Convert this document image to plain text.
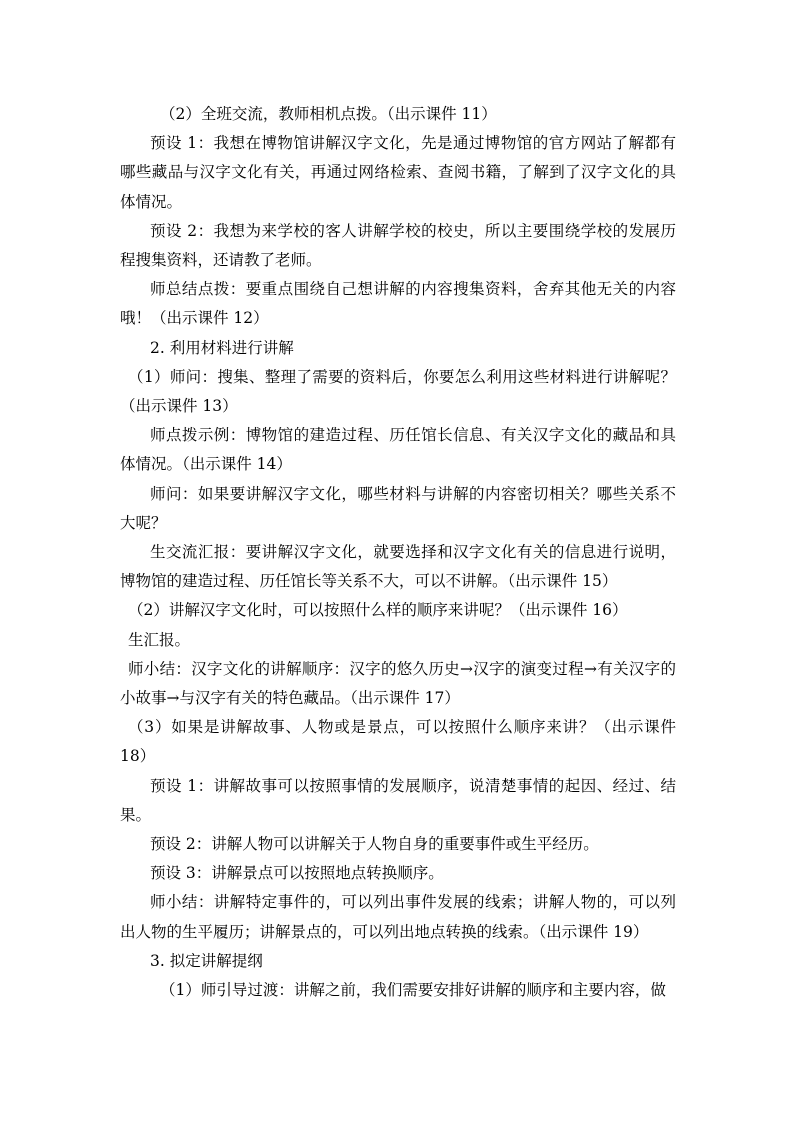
（2）全班交流，教师相机点拨。（出示课件 11）

预设 1：我想在博物馆讲解汉字文化，先是通过博物馆的官方网站了解都有哪些藏品与汉字文化有关，再通过网络检索、查阅书籍，了解到了汉字文化的具体情况。

预设 2：我想为来学校的客人讲解学校的校史，所以主要围绕学校的发展历程搜集资料，还请教了老师。

师总结点拨：要重点围绕自己想讲解的内容搜集资料，舍弃其他无关的内容哦！（出示课件 12）

2. 利用材料进行讲解

（1）师问：搜集、整理了需要的资料后，你要怎么利用这些材料进行讲解呢？（出示课件 13）

师点拨示例：博物馆的建造过程、历任馆长信息、有关汉字文化的藏品和具体情况。（出示课件 14）

师问：如果要讲解汉字文化，哪些材料与讲解的内容密切相关？哪些关系不大呢？

生交流汇报：要讲解汉字文化，就要选择和汉字文化有关的信息进行说明，博物馆的建造过程、历任馆长等关系不大，可以不讲解。（出示课件 15）

（2）讲解汉字文化时，可以按照什么样的顺序来讲呢？（出示课件 16）

生汇报。

师小结：汉字文化的讲解顺序：汉字的悠久历史→汉字的演变过程→有关汉字的小故事→与汉字有关的特色藏品。（出示课件 17）

（3）如果是讲解故事、人物或是景点，可以按照什么顺序来讲？（出示课件 18）

预设 1：讲解故事可以按照事情的发展顺序，说清楚事情的起因、经过、结果。

预设 2：讲解人物可以讲解关于人物自身的重要事件或生平经历。

预设 3：讲解景点可以按照地点转换顺序。

师小结：讲解特定事件的，可以列出事件发展的线索；讲解人物的，可以列出人物的生平履历；讲解景点的，可以列出地点转换的线索。（出示课件 19）

3. 拟定讲解提纲

（1）师引导过渡：讲解之前，我们需要安排好讲解的顺序和主要内容，做
